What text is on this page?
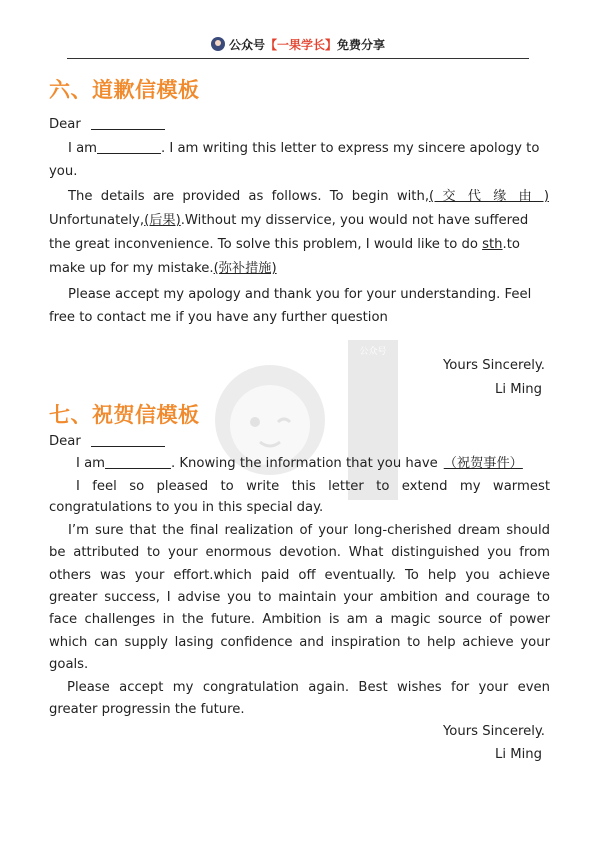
公众号【一果学长】免费分享
公众号
六、道歉信模板
Dear
I am	. I am writing this letter to express my sincere apology to
you.
The details are provided as follows. To begin with,( 交 代 缘 由 )
Unfortunately,(后果).Without my disservice, you would not have suffered
the great inconvenience. To solve this problem, I would like to do sth.to
make up for my mistake.(弥补措施)
Please accept my apology and thank you for your understanding. Feel
free to contact me if you have any further question
Yours Sincerely.
Li Ming
七、祝贺信模板
Dear
I am	. Knowing the information that you have （祝贺事件）
I feel so pleased to write this letter to extend my warmest
congratulations to you in this special day.
I’m sure that the final realization of your long-cherished dream should
be attributed to your enormous devotion. What distinguished you from
others was your effort.which paid off eventually. To help you achieve
greater success, I advise you to maintain your ambition and courage to
face challenges in the future. Ambition is am a magic source of power
which can supply lasing confidence and inspiration to help achieve your
goals.
Please accept my congratulation again. Best wishes for your even
greater progressin the future.
Yours Sincerely.
Li Ming
